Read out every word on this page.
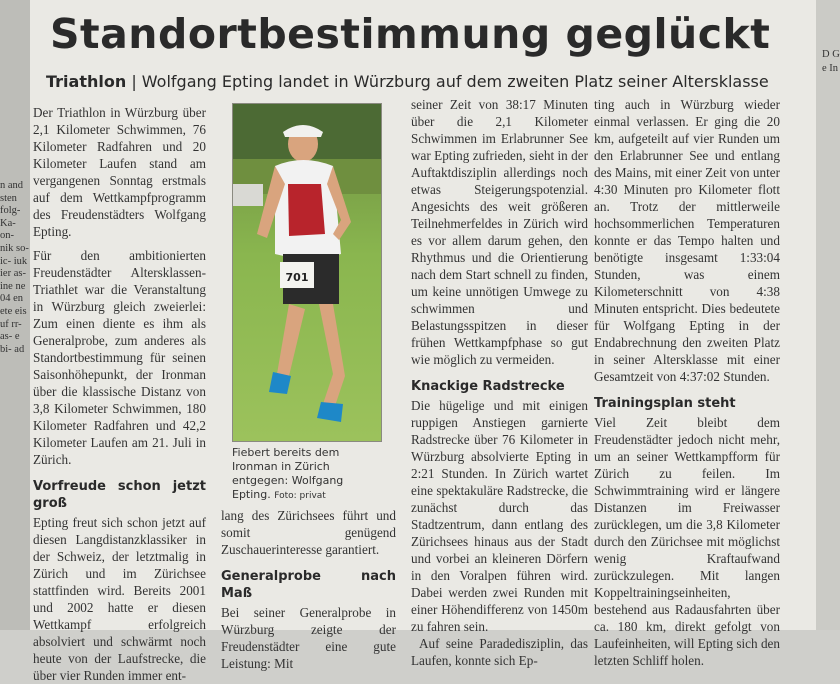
n and sten folg- Ka- on- nik so- ic- iuk ier as- ine ne 04 en ete eis uf rr- as- e bi- ad
D G e In
Standortbestimmung geglückt
Triathlon | Wolfgang Epting landet in Würzburg auf dem zweiten Platz seiner Altersklasse

Der Triathlon in Würzburg über 2,1 Kilometer Schwimmen, 76 Kilometer Radfahren und 20 Kilometer Laufen stand am vergangenen Sonntag erstmals auf dem Wettkampfprogramm des Freudenstädters Wolfgang Epting.

Für den ambitionierten Freudenstädter Altersklassen-Triathlet war die Veranstaltung in Würzburg gleich zweierlei: Zum einen diente es ihm als Generalprobe, zum anderes als Standortbestimmung für seinen Saisonhöhepunkt, der Ironman über die klassische Distanz von 3,8 Kilometer Schwimmen, 180 Kilometer Radfahren und 42,2 Kilometer Laufen am 21. Juli in Zürich.

Vorfreude schon jetzt groß

Epting freut sich schon jetzt auf diesen Langdistanzklassiker in der Schweiz, der letztmalig in Zürich und im Zürichsee stattfinden wird. Bereits 2001 und 2002 hatte er diesen Wettkampf erfolgreich absolviert und schwärmt noch heute von der Laufstrecke, die über vier Runden immer ent-

701
Fiebert bereits dem Ironman in Zürich entgegen: Wolfgang Epting. Foto: privat

lang des Zürichsees führt und somit genügend Zuschauerinteresse garantiert.

Generalprobe nach Maß

Bei seiner Generalprobe in Würzburg zeigte der Freudenstädter eine gute Leistung: Mit

seiner Zeit von 38:17 Minuten über die 2,1 Kilometer Schwimmen im Erlabrunner See war Epting zufrieden, sieht in der Auftaktdisziplin allerdings noch etwas Steigerungspotenzial. Angesichts des weit größeren Teilnehmerfeldes in Zürich wird es vor allem darum gehen, den Rhythmus und die Orientierung nach dem Start schnell zu finden, um keine unnötigen Umwege zu schwimmen und Belastungsspitzen in dieser frühen Wettkampfphase so gut wie möglich zu vermeiden.

Knackige Radstrecke

Die hügelige und mit einigen ruppigen Anstiegen garnierte Radstrecke über 76 Kilometer in Würzburg absolvierte Epting in 2:21 Stunden. In Zürich wartet eine spektakuläre Radstrecke, die zunächst durch das Stadtzentrum, dann entlang des Zürichsees hinaus aus der Stadt und vorbei an kleineren Dörfern in den Voralpen führen wird. Dabei werden zwei Runden mit einer Höhendifferenz von 1450m zu fahren sein.

Auf seine Paradedisziplin, das Laufen, konnte sich Ep-

ting auch in Würzburg wieder einmal verlassen. Er ging die 20 km, aufgeteilt auf vier Runden um den Erlabrunner See und entlang des Mains, mit einer Zeit von unter 4:30 Minuten pro Kilometer flott an. Trotz der mittlerweile hochsommerlichen Temperaturen konnte er das Tempo halten und benötigte insgesamt 1:33:04 Stunden, was einem Kilometerschnitt von 4:38 Minuten entspricht. Dies bedeutete für Wolfgang Epting in der Endabrechnung den zweiten Platz in seiner Altersklasse mit einer Gesamtzeit von 4:37:02 Stunden.

Trainingsplan steht

Viel Zeit bleibt dem Freudenstädter jedoch nicht mehr, um an seiner Wettkampfform für Zürich zu feilen. Im Schwimmtraining wird er längere Distanzen im Freiwasser zurücklegen, um die 3,8 Kilometer durch den Zürichsee mit möglichst wenig Kraftaufwand zurückzulegen. Mit langen Koppeltrainingseinheiten, bestehend aus Radausfahrten über ca. 180 km, direkt gefolgt von Laufeinheiten, will Epting sich den letzten Schliff holen.
